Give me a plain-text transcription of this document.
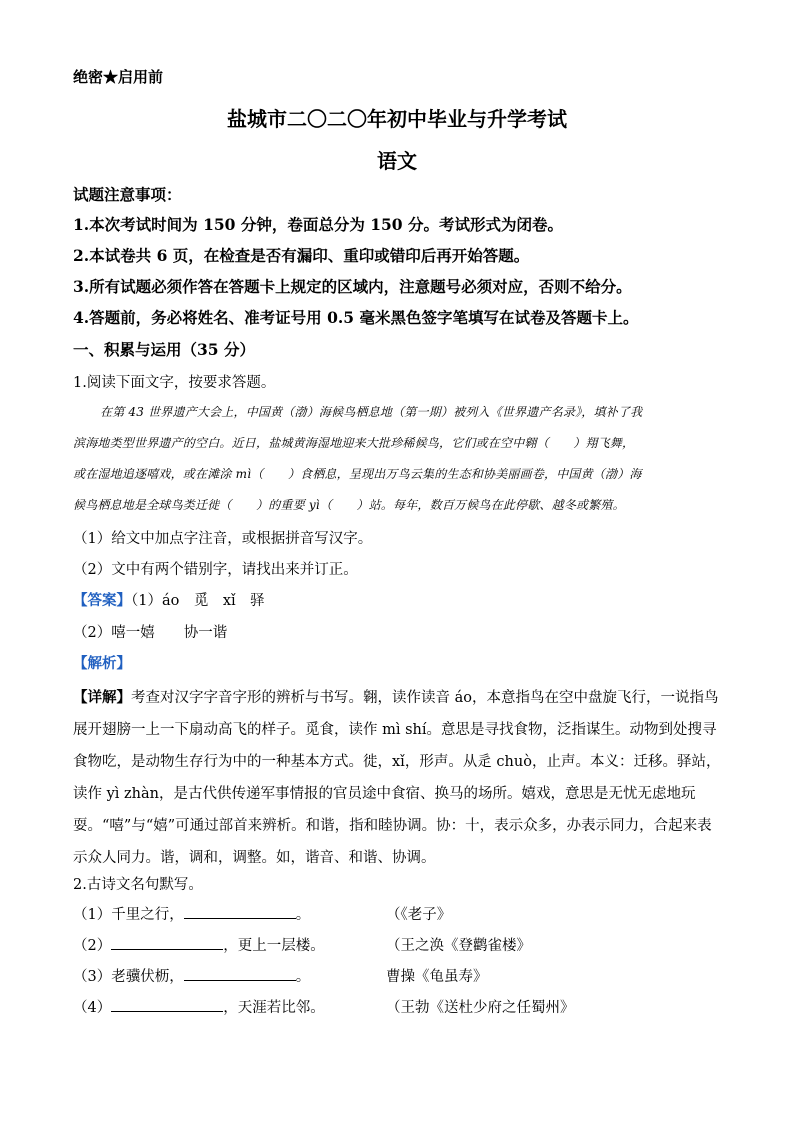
绝密★启用前
盐城市二〇二〇年初中毕业与升学考试
语文
试题注意事项：
1.本次考试时间为 150 分钟，卷面总分为 150 分。考试形式为闭卷。
2.本试卷共 6 页，在检查是否有漏印、重印或错印后再开始答题。
3.所有试题必须作答在答题卡上规定的区域内，注意题号必须对应，否则不给分。
4.答题前，务必将姓名、准考证号用 0.5 毫米黑色签字笔填写在试卷及答题卡上。
一、积累与运用（35 分）
1.阅读下面文字，按要求答题。
在第 43 世界遗产大会上，中国黄（渤）海候鸟栖息地（第一期）被列入《世界遗产名录》，填补了我
滨海地类型世界遗产的空白。近日，盐城黄海湿地迎来大批珍稀候鸟，它们或在空中翱（　　）翔飞舞，
或在湿地追逐嘻戏，或在滩涂 mì（　　）食栖息，呈现出万鸟云集的生态和协美丽画卷，中国黄（渤）海
候鸟栖息地是全球鸟类迁徙（　　）的重要 yì（　　）站。每年，数百万候鸟在此停歇、越冬或繁殖。
（1）给文中加点字注音，或根据拼音写汉字。
（2）文中有两个错别字，请找出来并订正。
【答案】（1）áo　觅　xǐ　驿
（2）嘻一嬉　　协一谐
【解析】
【详解】考查对汉字字音字形的辨析与书写。翱，读作读音 áo，本意指鸟在空中盘旋飞行，一说指鸟展开翅膀一上一下扇动高飞的样子。觅食，读作 mì shí。意思是寻找食物，泛指谋生。动物到处搜寻食物吃，是动物生存行为中的一种基本方式。徙，xǐ，形声。从辵 chuò，止声。本义：迁移。驿站，读作 yì zhàn，是古代供传递军事情报的官员途中食宿、换马的场所。嬉戏，意思是无忧无虑地玩耍。“嘻”与“嬉”可通过部首来辨析。和谐，指和睦协调。协：十，表示众多，办表示同力，合起来表示众人同力。谐，调和，调整。如，谐音、和谐、协调。
2.古诗文名句默写。
（1）千里之行，	。	（《老子》
（2）	，更上一层楼。	（王之涣《登鹳雀楼》
（3）老骥伏枥，	。	曹操《龟虽寿》
（4）	，天涯若比邻。	（王勃《送杜少府之任蜀州》
